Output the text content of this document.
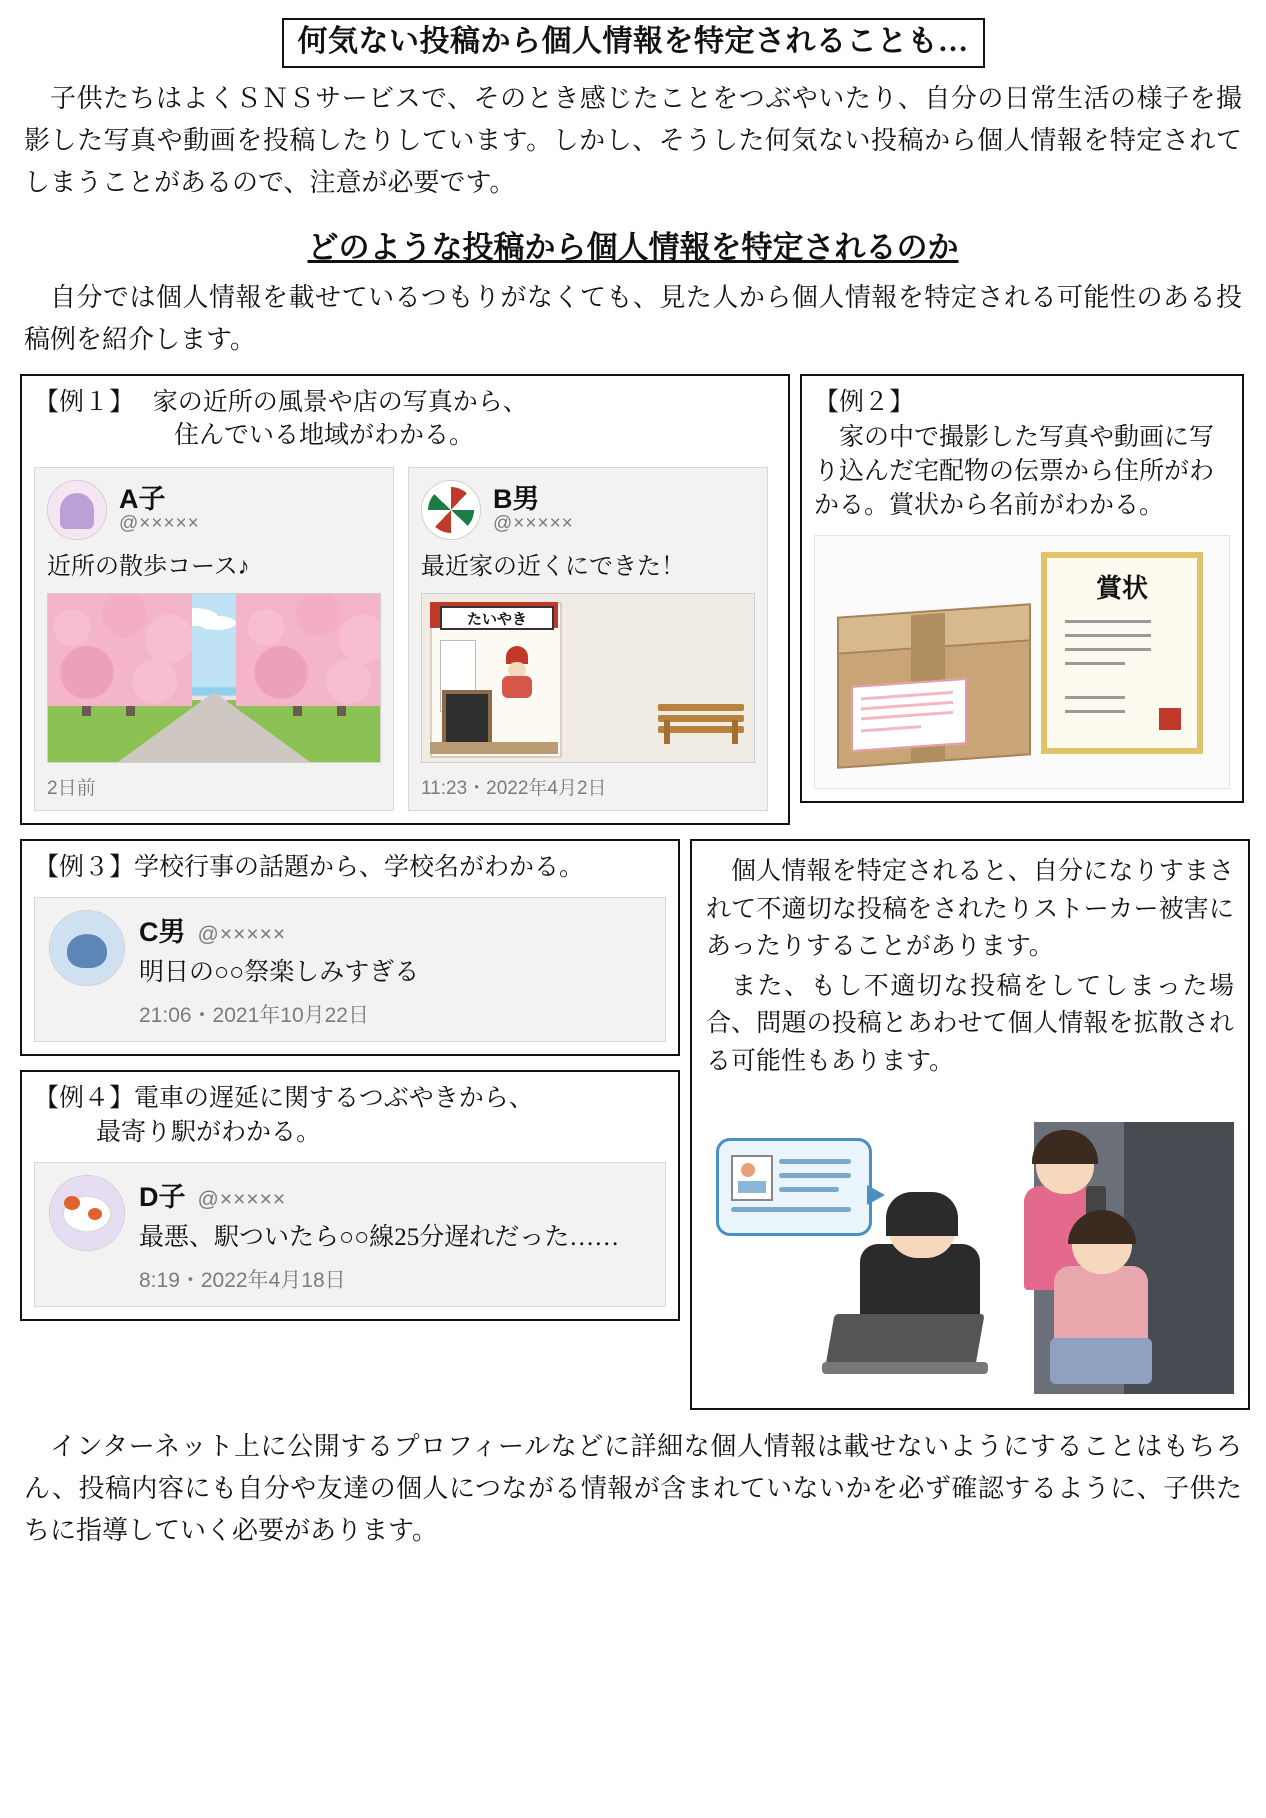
何気ない投稿から個人情報を特定されることも…
子供たちはよくＳＮＳサービスで、そのとき感じたことをつぶやいたり、自分の日常生活の様子を撮影した写真や動画を投稿したりしています。しかし、そうした何気ない投稿から個人情報を特定されてしまうことがあるので、注意が必要です。
どのような投稿から個人情報を特定されるのか
自分では個人情報を載せているつもりがなくても、見た人から個人情報を特定される可能性のある投稿例を紹介します。
【例１】 家の近所の風景や店の写真から、
住んでいる地域がわかる。
A子
@×××××
近所の散歩コース♪
2日前
B男
@×××××
最近家の近くにできた！
たいやき
11:23・2022年4月2日
【例２】
家の中で撮影した写真や動画に写り込んだ宅配物の伝票から住所がわかる。賞状から名前がわかる。
賞状
【例３】学校行事の話題から、学校名がわかる。
C男 @×××××
明日の○○祭楽しみすぎる
21:06・2021年10月22日
【例４】電車の遅延に関するつぶやきから、
最寄り駅がわかる。
D子 @×××××
最悪、駅ついたら○○線25分遅れだった……
8:19・2022年4月18日

個人情報を特定されると、自分になりすまされて不適切な投稿をされたりストーカー被害にあったりすることがあります。

また、もし不適切な投稿をしてしまった場合、問題の投稿とあわせて個人情報を拡散される可能性もあります。

インターネット上に公開するプロフィールなどに詳細な個人情報は載せないようにすることはもちろん、投稿内容にも自分や友達の個人につながる情報が含まれていないかを必ず確認するように、子供たちに指導していく必要があります。
